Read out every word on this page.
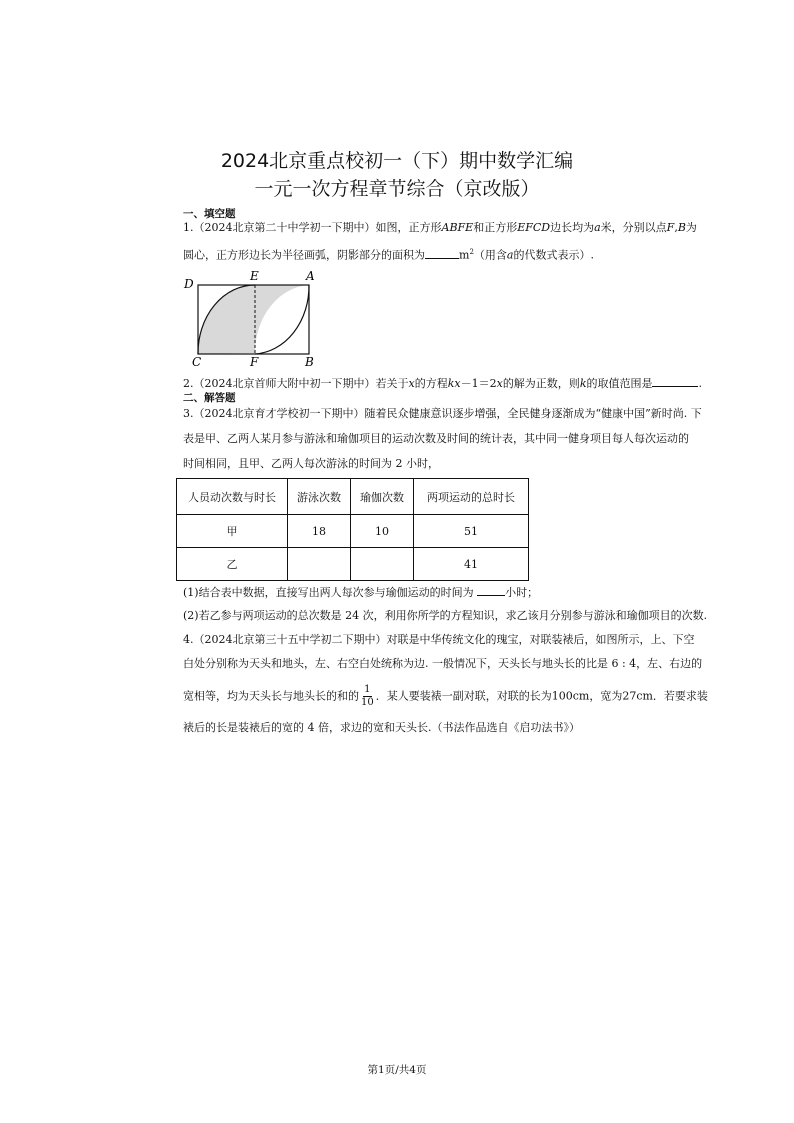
2024北京重点校初一（下）期中数学汇编
一元一次方程章节综合（京改版）
一、填空题
1.（2024北京第二十中学初一下期中）如图，正方形ABFE和正方形EFCD边长均为a米，分别以点F,B为
圆心，正方形边长为半径画弧，阴影部分的面积为	$m^2$（用含a的代数式表示）.
D
E	A
C	F	B
2.（2024北京首师大附中初一下期中）若关于x的方程kx－1＝2x的解为正数，则k的取值范围是	.
二、解答题
3.（2024北京育才学校初一下期中）随着民众健康意识逐步增强，全民健身逐渐成为“健康中国”新时尚. 下
表是甲、乙两人某月参与游泳和瑜伽项目的运动次数及时间的统计表，其中同一健身项目每人每次运动的
时间相同，且甲、乙两人每次游泳的时间为 2 小时，
人员动次数与时长	游泳次数	瑜伽次数	两项运动的总时长
甲	18	10	51
乙			41
(1)结合表中数据，直接写出两人每次参与瑜伽运动的时间为	小时；
(2)若乙参与两项运动的总次数是 24 次，利用你所学的方程知识，求乙该月分别参与游泳和瑜伽项目的次数.
4.（2024北京第三十五中学初二下期中）对联是中华传统文化的瑰宝，对联装裱后，如图所示，上、下空
白处分别称为天头和地头，左、右空白处统称为边. 一般情况下，天头长与地头长的比是 6 : 4，左、右边的
宽相等，均为天头长与地头长的和的 $\frac{1}{10}$ ．某人要装裱一副对联，对联的长为100cm，宽为27cm．若要求装
裱后的长是装裱后的宽的 4 倍，求边的宽和天头长.（书法作品选自《启功法书》）
第1页/共4页
